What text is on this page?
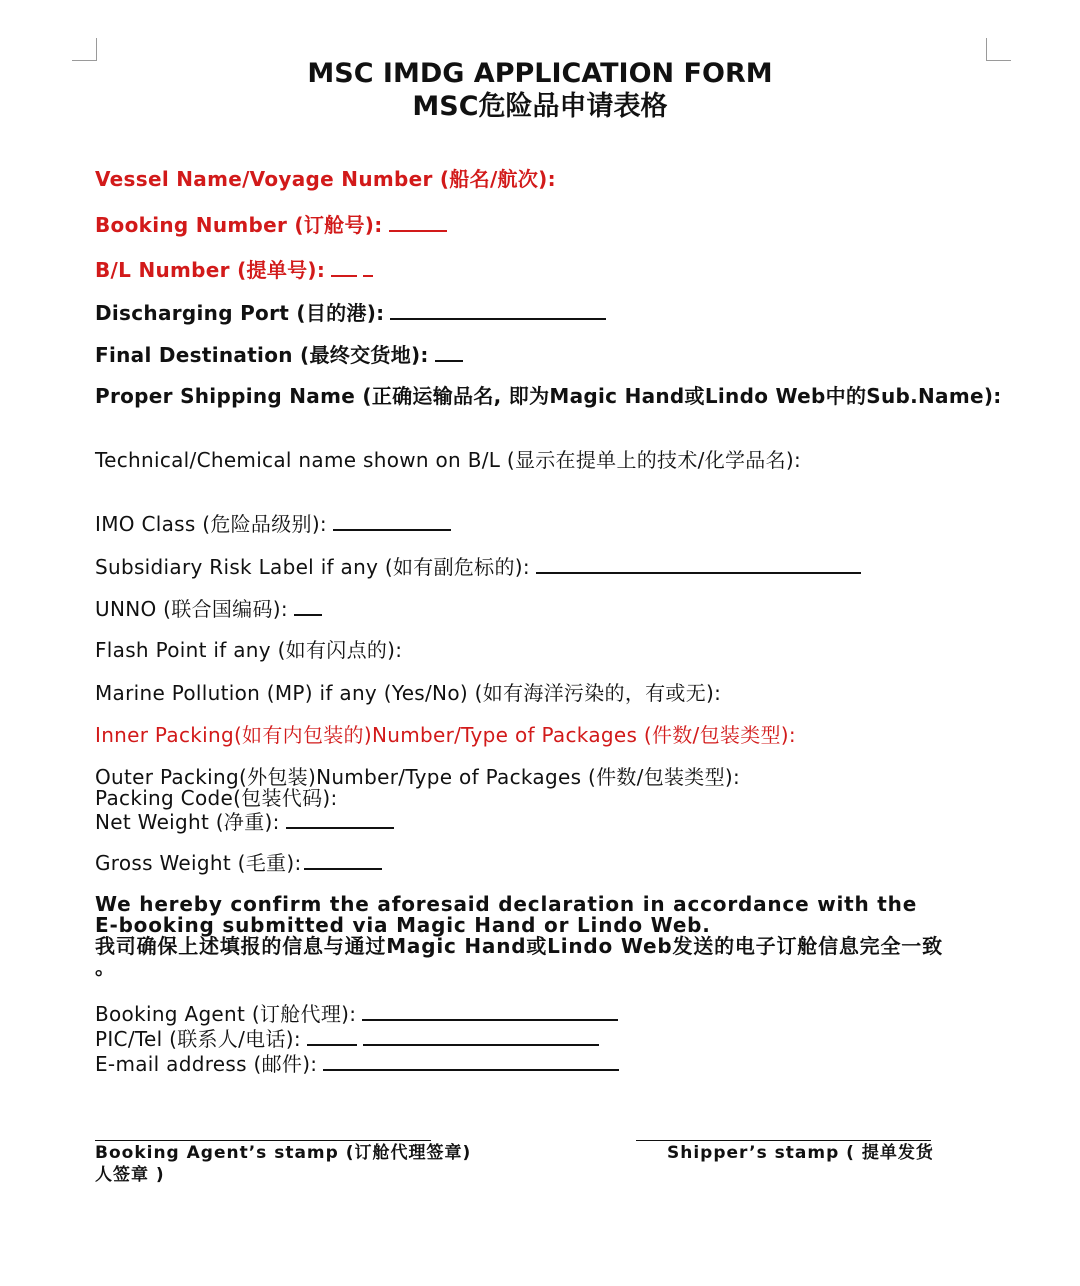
MSC IMDG APPLICATION FORM
MSC危险品申请表格
Vessel Name/Voyage Number (船名/航次):
Booking Number (订舱号):
B/L Number (提单号):
Discharging Port (目的港):
Final Destination (最终交货地):
Proper Shipping Name (正确运输品名, 即为Magic Hand或Lindo Web中的Sub.Name):
Technical/Chemical name shown on B/L (显示在提单上的技术/化学品名):
IMO Class (危险品级别):
Subsidiary Risk Label if any (如有副危标的):
UNNO (联合国编码):
Flash Point if any (如有闪点的):
Marine Pollution (MP) if any (Yes/No) (如有海洋污染的，有或无):
Inner Packing(如有内包装的)Number/Type of Packages (件数/包装类型):
Outer Packing(外包装)Number/Type of Packages (件数/包装类型):
Packing Code(包装代码):
Net Weight (净重):
Gross Weight (毛重):
We hereby confirm the aforesaid declaration in accordance with the
E-booking submitted via Magic Hand or Lindo Web.
我司确保上述填报的信息与通过Magic Hand或Lindo Web发送的电子订舱信息完全一致
。
Booking Agent (订舱代理):
PIC/Tel (联系人/电话):
E-mail address (邮件):
Booking Agent’s stamp (订舱代理签章)
人签章 )
Shipper’s stamp ( 提单发货
